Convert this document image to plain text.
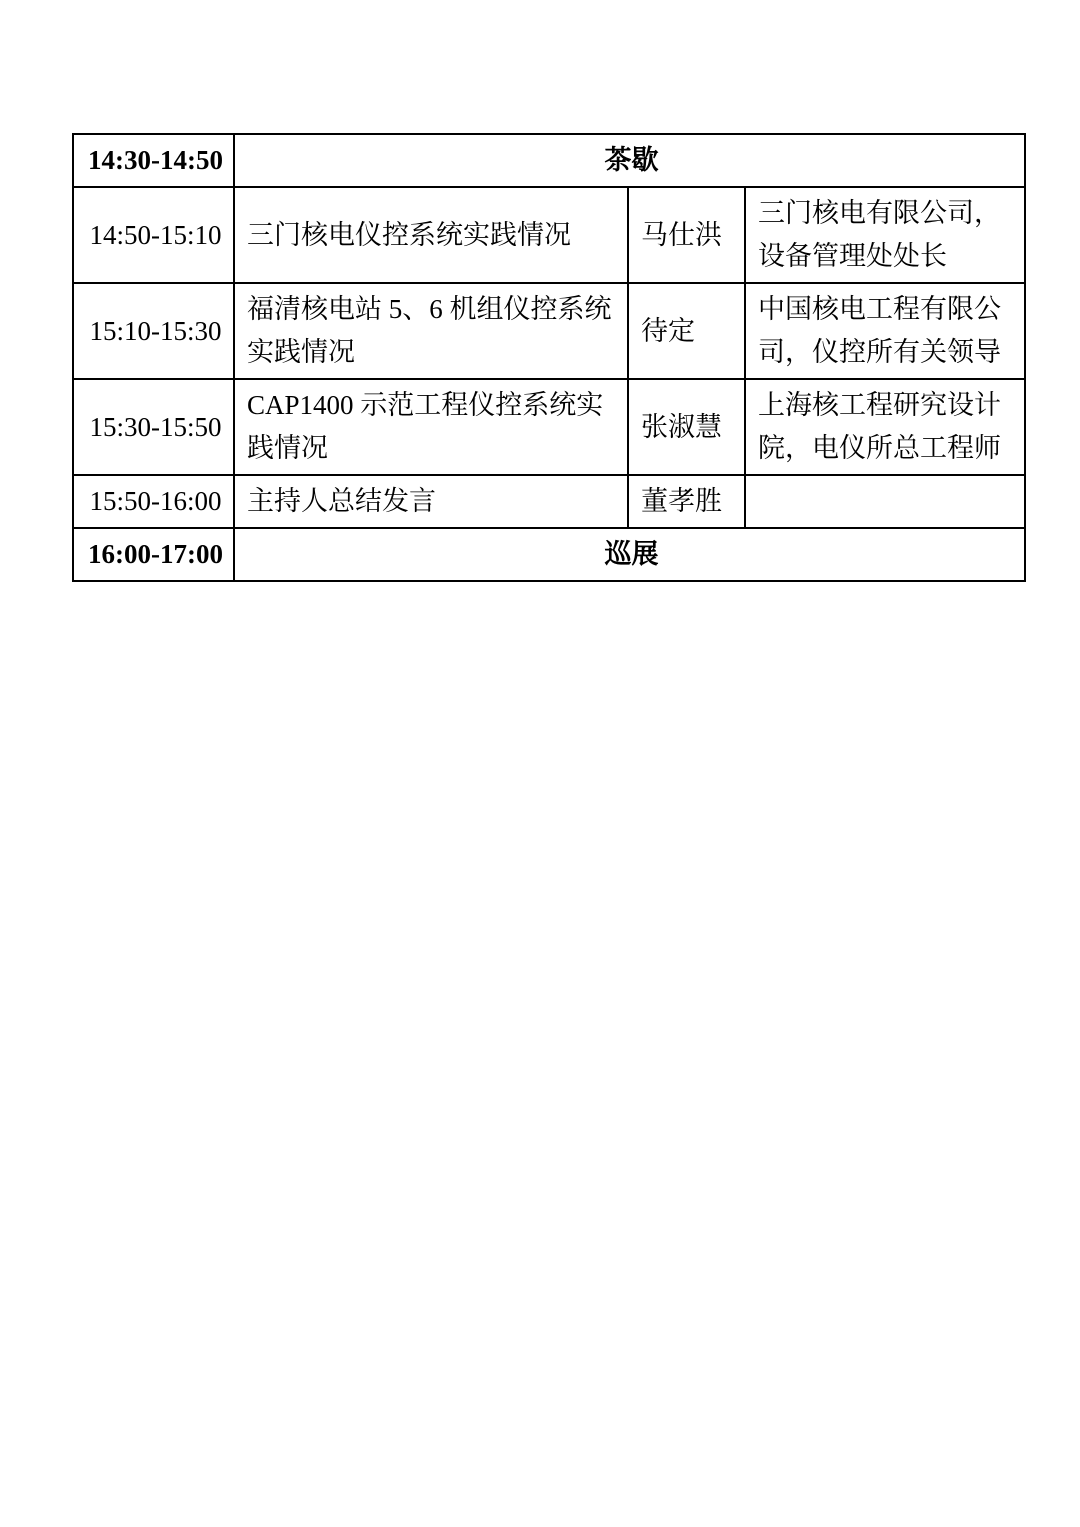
14:30-14:50	茶歇		
14:50-15:10	三门核电仪控系统实践情况	马仕洪	三门核电有限公司，设备管理处处长
15:10-15:30	福清核电站 5、6 机组仪控系统实践情况	待定	中国核电工程有限公司，仪控所有关领导
15:30-15:50	CAP1400 示范工程仪控系统实践情况	张淑慧	上海核工程研究设计院，电仪所总工程师
15:50-16:00	主持人总结发言	董孝胜	
16:00-17:00	巡展		
